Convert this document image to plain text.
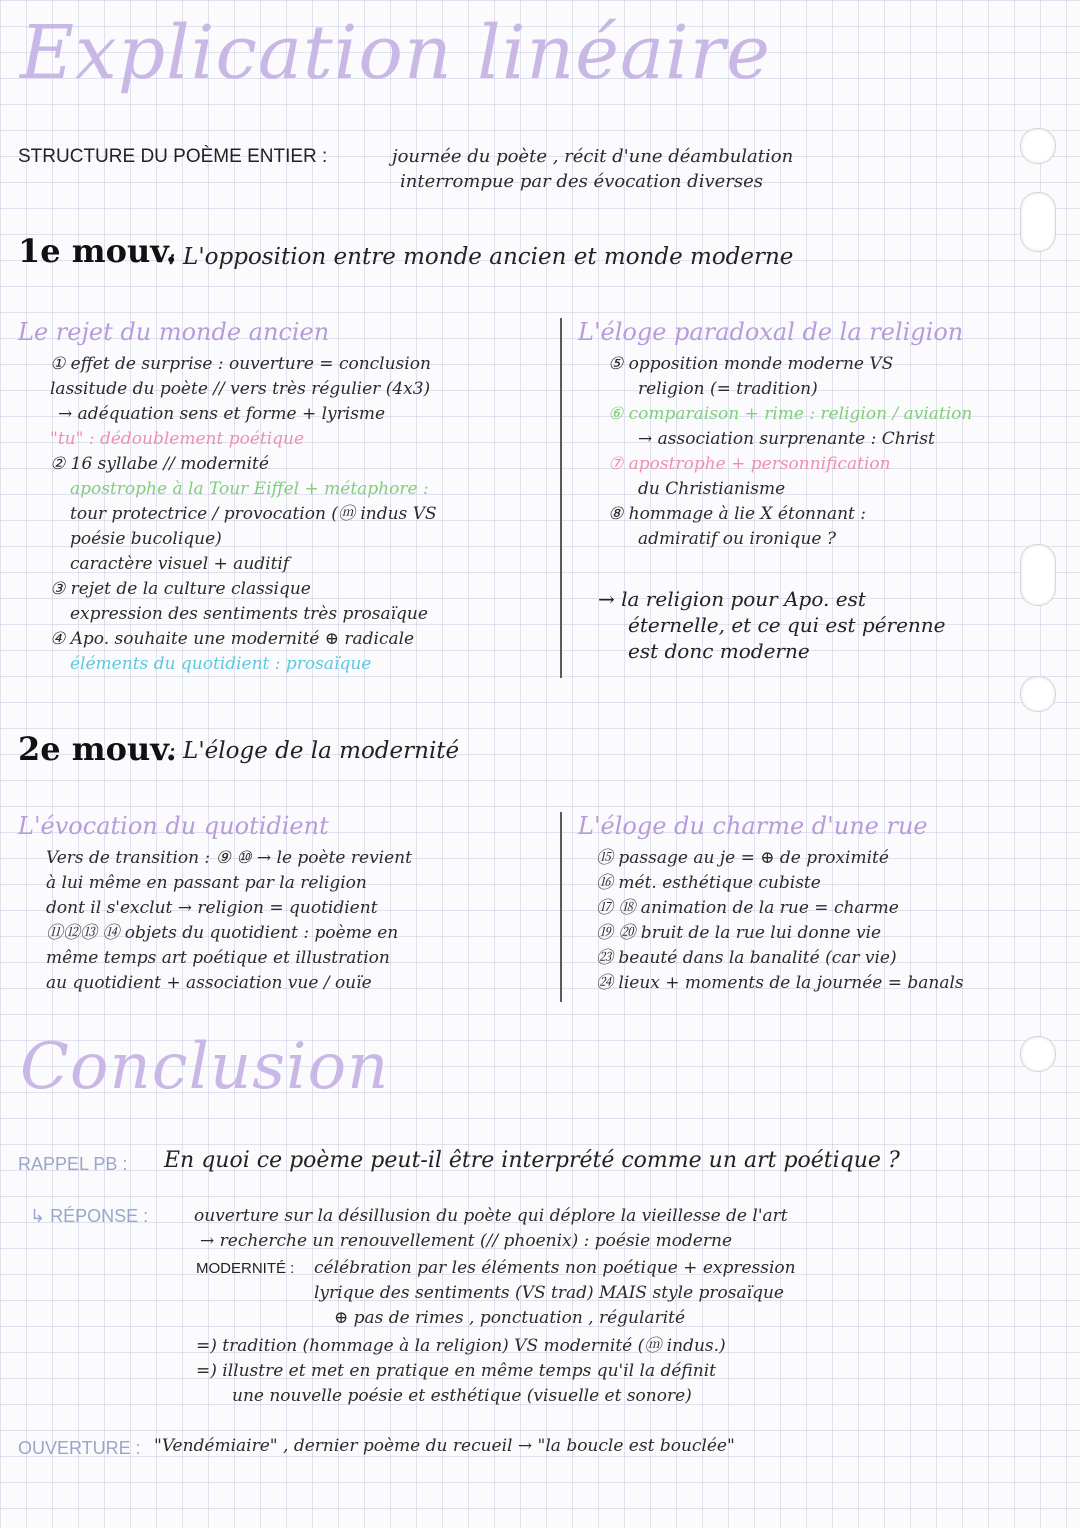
Explication linéaire
STRUCTURE DU POÈME ENTIER :	journée du poète , récit d'une déambulation
interrompue par des évocation diverses
1e mouv.
: L'opposition entre monde ancien et monde moderne
Le rejet du monde ancien
① effet de surprise : ouverture = conclusion
lassitude du poète // vers très régulier (4x3)
→ adéquation sens et forme + lyrisme
"tu" : dédoublement poétique
② 16 syllabe // modernité
apostrophe à la Tour Eiffel + métaphore :
tour protectrice / provocation (ⓜ indus VS
poésie bucolique)
caractère visuel + auditif
③ rejet de la culture classique
expression des sentiments très prosaïque
④ Apo. souhaite une modernité ⊕ radicale
éléments du quotidient : prosaïque
L'éloge paradoxal de la religion
⑤ opposition monde moderne VS
religion (= tradition)
⑥ comparaison + rime : religion / aviation
→ association surprenante : Christ
⑦ apostrophe + personnification
du Christianisme
⑧ hommage à lie X étonnant :
admiratif ou ironique ?
→ la religion pour Apo. est
éternelle, et ce qui est pérenne
est donc moderne
2e mouv.
: L'éloge de la modernité
L'évocation du quotidient
Vers de transition : ⑨ ⑩ → le poète revient
à lui même en passant par la religion
dont il s'exclut → religion = quotidient
⑪⑫⑬ ⑭ objets du quotidient : poème en
même temps art poétique et illustration
au quotidient + association vue / ouïe
L'éloge du charme d'une rue
⑮ passage au je = ⊕ de proximité
⑯ mét. esthétique cubiste
⑰ ⑱ animation de la rue = charme
⑲ ⑳ bruit de la rue lui donne vie
㉓ beauté dans la banalité (car vie)
㉔ lieux + moments de la journée = banals
Conclusion
RAPPEL PB : En quoi ce poème peut-il être interprété comme un art poétique ?
↳ RÉPONSE :	ouverture sur la désillusion du poète qui déplore la vieillesse de l'art
→ recherche un renouvellement (// phoenix) : poésie moderne
MODERNITÉ : célébration par les éléments non poétique + expression
lyrique des sentiments (VS trad) MAIS style prosaïque
⊕ pas de rimes , ponctuation , régularité
=) tradition (hommage à la religion) VS modernité (ⓜ indus.)
=) illustre et met en pratique en même temps qu'il la définit
une nouvelle poésie et esthétique (visuelle et sonore)
OUVERTURE : "Vendémiaire" , dernier poème du recueil → "la boucle est bouclée"
